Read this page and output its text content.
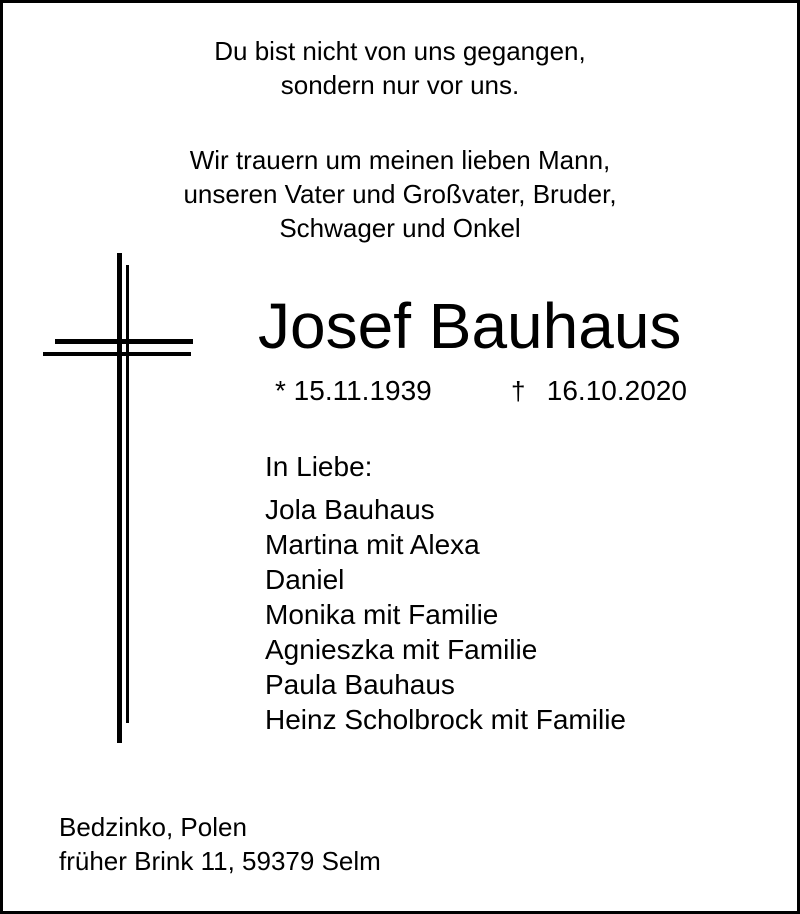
Du bist nicht von uns gegangen,
sondern nur vor uns.
Wir trauern um meinen lieben Mann,
unseren Vater und Großvater, Bruder,
Schwager und Onkel
Josef Bauhaus
* 15.11.1939	† 16.10.2020
In Liebe:
Jola Bauhaus
Martina mit Alexa
Daniel
Monika mit Familie
Agnieszka mit Familie
Paula Bauhaus
Heinz Scholbrock mit Familie
Bedzinko, Polen
früher Brink 11, 59379 Selm
